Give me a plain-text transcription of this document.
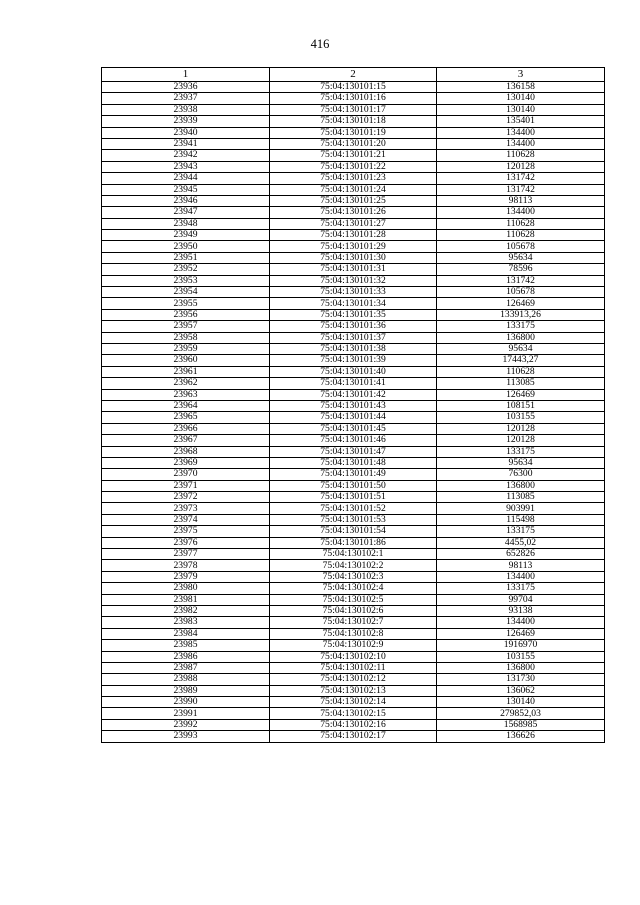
416
1	2	3
23936	75:04:130101:15	136158
23937	75:04:130101:16	130140
23938	75:04:130101:17	130140
23939	75:04:130101:18	135401
23940	75:04:130101:19	134400
23941	75:04:130101:20	134400
23942	75:04:130101:21	110628
23943	75:04:130101:22	120128
23944	75:04:130101:23	131742
23945	75:04:130101:24	131742
23946	75:04:130101:25	98113
23947	75:04:130101:26	134400
23948	75:04:130101:27	110628
23949	75:04:130101:28	110628
23950	75:04:130101:29	105678
23951	75:04:130101:30	95634
23952	75:04:130101:31	78596
23953	75:04:130101:32	131742
23954	75:04:130101:33	105678
23955	75:04:130101:34	126469
23956	75:04:130101:35	133913,26
23957	75:04:130101:36	133175
23958	75:04:130101:37	136800
23959	75:04:130101:38	95634
23960	75:04:130101:39	17443,27
23961	75:04:130101:40	110628
23962	75:04:130101:41	113085
23963	75:04:130101:42	126469
23964	75:04:130101:43	108151
23965	75:04:130101:44	103155
23966	75:04:130101:45	120128
23967	75:04:130101:46	120128
23968	75:04:130101:47	133175
23969	75:04:130101:48	95634
23970	75:04:130101:49	76300
23971	75:04:130101:50	136800
23972	75:04:130101:51	113085
23973	75:04:130101:52	903991
23974	75:04:130101:53	115498
23975	75:04:130101:54	133175
23976	75:04:130101:86	4455,02
23977	75:04:130102:1	652826
23978	75:04:130102:2	98113
23979	75:04:130102:3	134400
23980	75:04:130102:4	133175
23981	75:04:130102:5	99704
23982	75:04:130102:6	93138
23983	75:04:130102:7	134400
23984	75:04:130102:8	126469
23985	75:04:130102:9	1916970
23986	75:04:130102:10	103155
23987	75:04:130102:11	136800
23988	75:04:130102:12	131730
23989	75:04:130102:13	136062
23990	75:04:130102:14	130140
23991	75:04:130102:15	279852,03
23992	75:04:130102:16	1568985
23993	75:04:130102:17	136626
